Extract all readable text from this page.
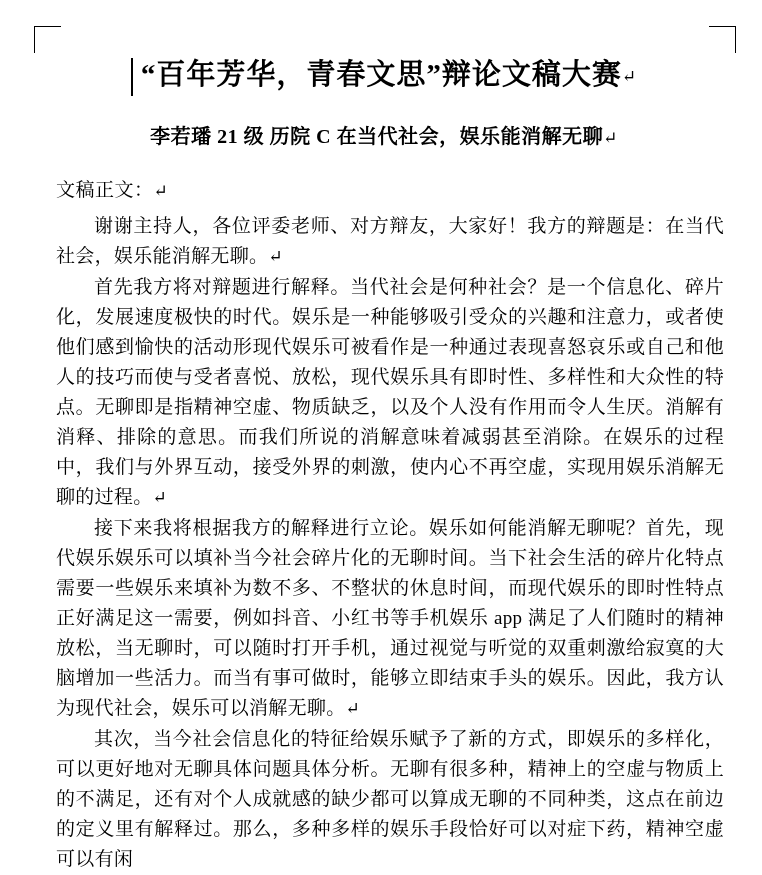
“百年芳华，青春文思”辩论文稿大赛↵
李若璠 21 级 历院 C 在当代社会，娱乐能消解无聊↵
文稿正文：↵

谢谢主持人，各位评委老师、对方辩友，大家好！我方的辩题是：在当代社会，娱乐能消解无聊。↵

首先我方将对辩题进行解释。当代社会是何种社会？是一个信息化、碎片化，发展速度极快的时代。娱乐是一种能够吸引受众的兴趣和注意力，或者使他们感到愉快的活动形现代娱乐可被看作是一种通过表现喜怒哀乐或自己和他人的技巧而使与受者喜悦、放松，现代娱乐具有即时性、多样性和大众性的特点。无聊即是指精神空虚、物质缺乏，以及个人没有作用而令人生厌。消解有消释、排除的意思。而我们所说的消解意味着减弱甚至消除。在娱乐的过程中，我们与外界互动，接受外界的刺激，使内心不再空虚，实现用娱乐消解无聊的过程。↵

接下来我将根据我方的解释进行立论。娱乐如何能消解无聊呢？首先，现代娱乐娱乐可以填补当今社会碎片化的无聊时间。当下社会生活的碎片化特点需要一些娱乐来填补为数不多、不整状的休息时间，而现代娱乐的即时性特点正好满足这一需要，例如抖音、小红书等手机娱乐 app 满足了人们随时的精神放松，当无聊时，可以随时打开手机，通过视觉与听觉的双重刺激给寂寞的大脑增加一些活力。而当有事可做时，能够立即结束手头的娱乐。因此，我方认为现代社会，娱乐可以消解无聊。↵

其次，当今社会信息化的特征给娱乐赋予了新的方式，即娱乐的多样化，可以更好地对无聊具体问题具体分析。无聊有很多种，精神上的空虚与物质上的不满足，还有对个人成就感的缺少都可以算成无聊的不同种类，这点在前边的定义里有解释过。那么，多种多样的娱乐手段恰好可以对症下药，精神空虚可以有闲
